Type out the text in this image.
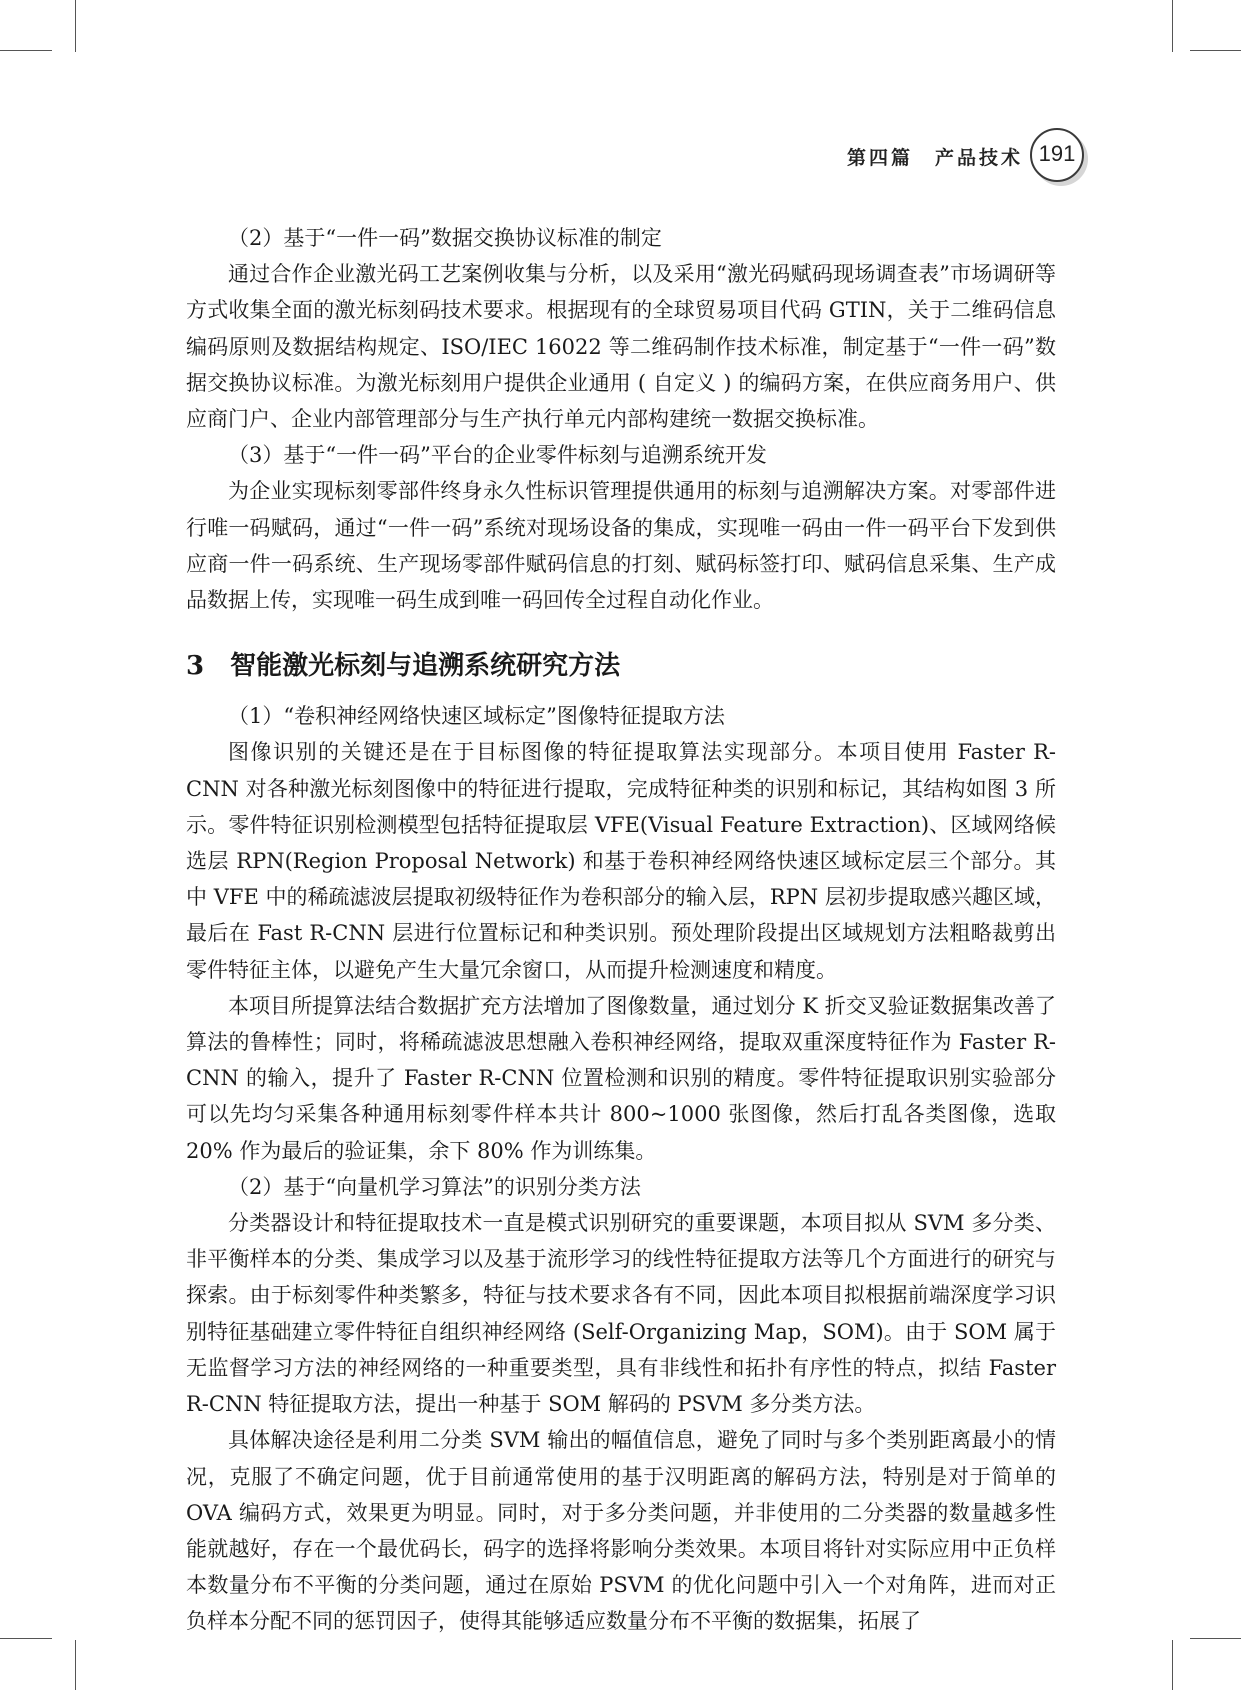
第四篇 产品技术 191

（2）基于“一件一码”数据交换协议标准的制定

通过合作企业激光码工艺案例收集与分析，以及采用“激光码赋码现场调查表”市场调研等方式收集全面的激光标刻码技术要求。根据现有的全球贸易项目代码 GTIN，关于二维码信息编码原则及数据结构规定、ISO/IEC 16022 等二维码制作技术标准，制定基于“一件一码”数据交换协议标准。为激光标刻用户提供企业通用 ( 自定义 ) 的编码方案，在供应商务用户、供应商门户、企业内部管理部分与生产执行单元内部构建统一数据交换标准。

（3）基于“一件一码”平台的企业零件标刻与追溯系统开发

为企业实现标刻零部件终身永久性标识管理提供通用的标刻与追溯解决方案。对零部件进行唯一码赋码，通过“一件一码”系统对现场设备的集成，实现唯一码由一件一码平台下发到供应商一件一码系统、生产现场零部件赋码信息的打刻、赋码标签打印、赋码信息采集、生产成品数据上传，实现唯一码生成到唯一码回传全过程自动化作业。

3　智能激光标刻与追溯系统研究方法

（1）“卷积神经网络快速区域标定”图像特征提取方法

图像识别的关键还是在于目标图像的特征提取算法实现部分。本项目使用 Faster R-CNN 对各种激光标刻图像中的特征进行提取，完成特征种类的识别和标记，其结构如图 3 所示。零件特征识别检测模型包括特征提取层 VFE(Visual Feature Extraction)、区域网络候选层 RPN(Region Proposal Network) 和基于卷积神经网络快速区域标定层三个部分。其中 VFE 中的稀疏滤波层提取初级特征作为卷积部分的输入层，RPN 层初步提取感兴趣区域，最后在 Fast R-CNN 层进行位置标记和种类识别。预处理阶段提出区域规划方法粗略裁剪出零件特征主体，以避免产生大量冗余窗口，从而提升检测速度和精度。

本项目所提算法结合数据扩充方法增加了图像数量，通过划分 K 折交叉验证数据集改善了算法的鲁棒性；同时，将稀疏滤波思想融入卷积神经网络，提取双重深度特征作为 Faster R-CNN 的输入，提升了 Faster R-CNN 位置检测和识别的精度。零件特征提取识别实验部分可以先均匀采集各种通用标刻零件样本共计 800~1000 张图像，然后打乱各类图像，选取 20% 作为最后的验证集，余下 80% 作为训练集。

（2）基于“向量机学习算法”的识别分类方法

分类器设计和特征提取技术一直是模式识别研究的重要课题，本项目拟从 SVM 多分类、非平衡样本的分类、集成学习以及基于流形学习的线性特征提取方法等几个方面进行的研究与探索。由于标刻零件种类繁多，特征与技术要求各有不同，因此本项目拟根据前端深度学习识别特征基础建立零件特征自组织神经网络 (Self-Organizing Map，SOM)。由于 SOM 属于无监督学习方法的神经网络的一种重要类型，具有非线性和拓扑有序性的特点，拟结 Faster R-CNN 特征提取方法，提出一种基于 SOM 解码的 PSVM 多分类方法。

具体解决途径是利用二分类 SVM 输出的幅值信息，避免了同时与多个类别距离最小的情况，克服了不确定问题，优于目前通常使用的基于汉明距离的解码方法，特别是对于简单的 OVA 编码方式，效果更为明显。同时，对于多分类问题，并非使用的二分类器的数量越多性能就越好，存在一个最优码长，码字的选择将影响分类效果。本项目将针对实际应用中正负样本数量分布不平衡的分类问题，通过在原始 PSVM 的优化问题中引入一个对角阵，进而对正负样本分配不同的惩罚因子，使得其能够适应数量分布不平衡的数据集，拓展了
